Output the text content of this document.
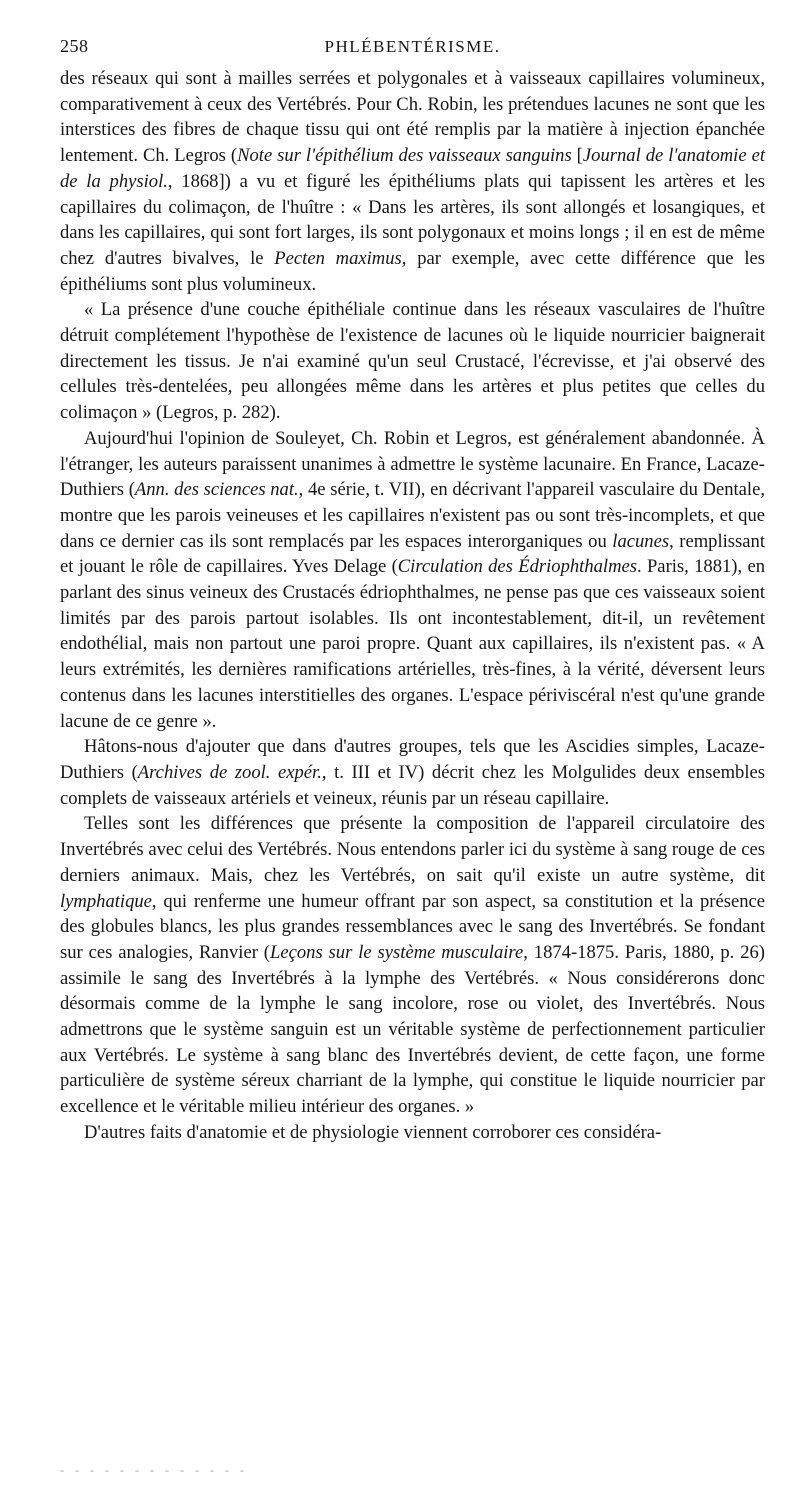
258	PHLÉBENTÉRISME.

des réseaux qui sont à mailles serrées et polygonales et à vaisseaux capillaires volumineux, comparativement à ceux des Vertébrés. Pour Ch. Robin, les prétendues lacunes ne sont que les interstices des fibres de chaque tissu qui ont été remplis par la matière à injection épanchée lentement. Ch. Legros (Note sur l'épithélium des vaisseaux sanguins [Journal de l'anatomie et de la physiol., 1868]) a vu et figuré les épithéliums plats qui tapissent les artères et les capillaires du colimaçon, de l'huître : « Dans les artères, ils sont allongés et losangiques, et dans les capillaires, qui sont fort larges, ils sont polygonaux et moins longs ; il en est de même chez d'autres bivalves, le Pecten maximus, par exemple, avec cette différence que les épithéliums sont plus volumineux.

« La présence d'une couche épithéliale continue dans les réseaux vasculaires de l'huître détruit complétement l'hypothèse de l'existence de lacunes où le liquide nourricier baignerait directement les tissus. Je n'ai examiné qu'un seul Crustacé, l'écrevisse, et j'ai observé des cellules très-dentelées, peu allongées même dans les artères et plus petites que celles du colimaçon » (Legros, p. 282).

Aujourd'hui l'opinion de Souleyet, Ch. Robin et Legros, est généralement abandonnée. À l'étranger, les auteurs paraissent unanimes à admettre le système lacunaire. En France, Lacaze-Duthiers (Ann. des sciences nat., 4e série, t. VII), en décrivant l'appareil vasculaire du Dentale, montre que les parois veineuses et les capillaires n'existent pas ou sont très-incomplets, et que dans ce dernier cas ils sont remplacés par les espaces interorganiques ou lacunes, remplissant et jouant le rôle de capillaires. Yves Delage (Circulation des Édriophthalmes. Paris, 1881), en parlant des sinus veineux des Crustacés édriophthalmes, ne pense pas que ces vaisseaux soient limités par des parois partout isolables. Ils ont incontestablement, dit-il, un revêtement endothélial, mais non partout une paroi propre. Quant aux capillaires, ils n'existent pas. « A leurs extrémités, les dernières ramifications artérielles, très-fines, à la vérité, déversent leurs contenus dans les lacunes interstitielles des organes. L'espace périviscéral n'est qu'une grande lacune de ce genre ».

Hâtons-nous d'ajouter que dans d'autres groupes, tels que les Ascidies simples, Lacaze-Duthiers (Archives de zool. expér., t. III et IV) décrit chez les Molgulides deux ensembles complets de vaisseaux artériels et veineux, réunis par un réseau capillaire.

Telles sont les différences que présente la composition de l'appareil circulatoire des Invertébrés avec celui des Vertébrés. Nous entendons parler ici du système à sang rouge de ces derniers animaux. Mais, chez les Vertébrés, on sait qu'il existe un autre système, dit lymphatique, qui renferme une humeur offrant par son aspect, sa constitution et la présence des globules blancs, les plus grandes ressemblances avec le sang des Invertébrés. Se fondant sur ces analogies, Ranvier (Leçons sur le système musculaire, 1874-1875. Paris, 1880, p. 26) assimile le sang des Invertébrés à la lymphe des Vertébrés. « Nous considérerons donc désormais comme de la lymphe le sang incolore, rose ou violet, des Invertébrés. Nous admettrons que le système sanguin est un véritable système de perfectionnement particulier aux Vertébrés. Le système à sang blanc des Invertébrés devient, de cette façon, une forme particulière de système séreux charriant de la lymphe, qui constitue le liquide nourricier par excellence et le véritable milieu intérieur des organes. »

D'autres faits d'anatomie et de physiologie viennent corroborer ces considéra-

- - - - - - - - - - - - -
